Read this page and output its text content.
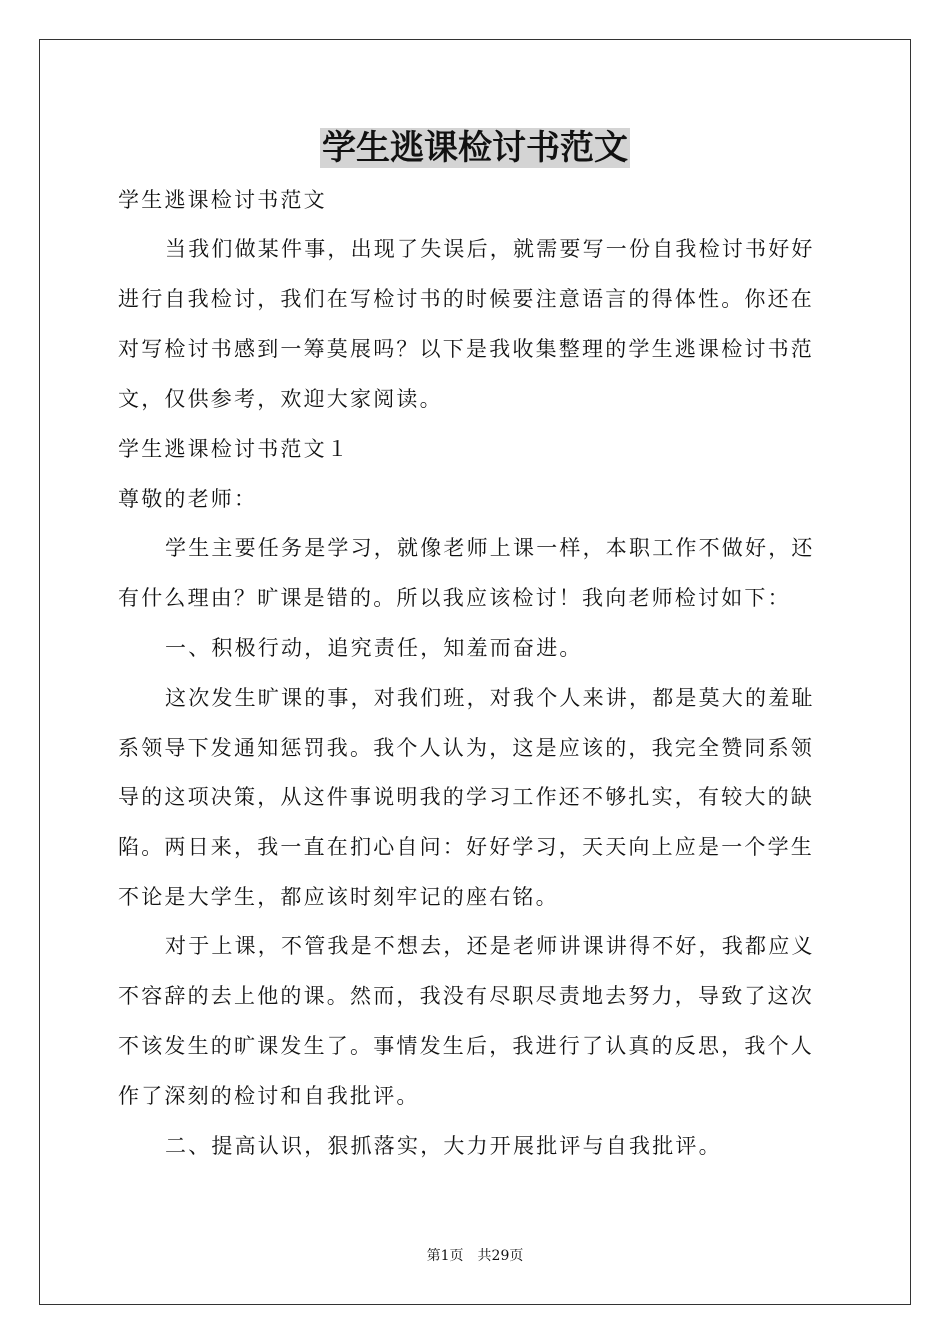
学生逃课检讨书范文
学生逃课检讨书范文
当我们做某件事，出现了失误后，就需要写一份自我检讨书好好
进行自我检讨，我们在写检讨书的时候要注意语言的得体性。你还在
对写检讨书感到一筹莫展吗？以下是我收集整理的学生逃课检讨书范
文，仅供参考，欢迎大家阅读。
学生逃课检讨书范文１
尊敬的老师：
学生主要任务是学习，就像老师上课一样，本职工作不做好，还
有什么理由？旷课是错的。所以我应该检讨！我向老师检讨如下：
一、积极行动，追究责任，知羞而奋进。
这次发生旷课的事，对我们班，对我个人来讲，都是莫大的羞耻
系领导下发通知惩罚我。我个人认为，这是应该的，我完全赞同系领
导的这项决策，从这件事说明我的学习工作还不够扎实，有较大的缺
陷。两日来，我一直在扪心自问：好好学习，天天向上应是一个学生
不论是大学生，都应该时刻牢记的座右铭。
对于上课，不管我是不想去，还是老师讲课讲得不好，我都应义
不容辞的去上他的课。然而，我没有尽职尽责地去努力，导致了这次
不该发生的旷课发生了。事情发生后，我进行了认真的反思，我个人
作了深刻的检讨和自我批评。
二、提高认识，狠抓落实，大力开展批评与自我批评。
第1页　共29页
